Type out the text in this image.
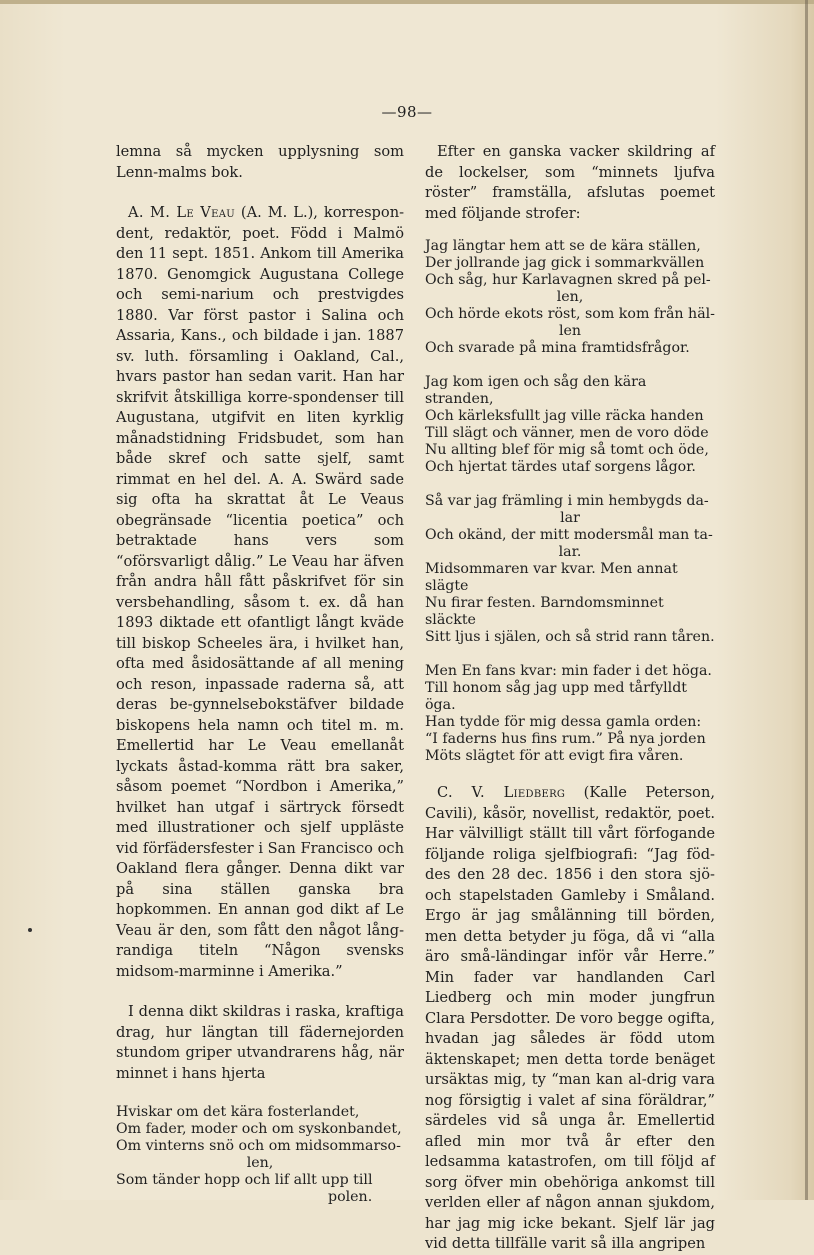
—98—

lemna så mycken upplysning som Lenn-malms bok.

A. M. Le Veau (A. M. L.), korrespon-dent, redaktör, poet. Född i Malmö den 11 sept. 1851. Ankom till Amerika 1870. Genomgick Augustana College och semi-narium och prestvigdes 1880. Var först pastor i Salina och Assaria, Kans., och bildade i jan. 1887 sv. luth. församling i Oakland, Cal., hvars pastor han sedan varit. Han har skrifvit åtskilliga korre-spondenser till Augustana, utgifvit en liten kyrklig månadstidning Fridsbudet, som han både skref och satte sjelf, samt rimmat en hel del. A. A. Swärd sade sig ofta ha skrattat åt Le Veaus obegränsade “licentia poetica” och betraktade hans vers som “oförsvarligt dålig.” Le Veau har äfven från andra håll fått påskrifvet för sin versbehandling, såsom t. ex. då han 1893 diktade ett ofantligt långt kväde till biskop Scheeles ära, i hvilket han, ofta med åsidosättande af all mening och reson, inpassade raderna så, att deras be-gynnelsebokstäfver bildade biskopens hela namn och titel m. m. Emellertid har Le Veau emellanåt lyckats åstad-komma rätt bra saker, såsom poemet “Nordbon i Amerika,” hvilket han utgaf i särtryck försedt med illustrationer och sjelf uppläste vid förfädersfester i San Francisco och Oakland flera gånger. Denna dikt var på sina ställen ganska bra hopkommen. En annan god dikt af Le Veau är den, som fått den något lång-randiga titeln “Någon svensks midsom-marminne i Amerika.”

I denna dikt skildras i raska, kraftiga drag, hur längtan till fädernejorden stundom griper utvandrarens håg, när minnet i hans hjerta

Hviskar om det kära fosterlandet,
Om fader, moder och om syskonbandet,
Om vinterns snö och om midsommarso-
len,
Som tänder hopp och lif allt upp till
polen.

Efter en ganska vacker skildring af de lockelser, som “minnets ljufva röster” framställa, afslutas poemet med följande strofer:

Jag längtar hem att se de kära ställen,
Der jollrande jag gick i sommarkvällen
Och såg, hur Karlavagnen skred på pel-
len,
Och hörde ekots röst, som kom från häl-
len
Och svarade på mina framtidsfrågor.
Jag kom igen och såg den kära stranden,
Och kärleksfullt jag ville räcka handen
Till slägt och vänner, men de voro döde
Nu allting blef för mig så tomt och öde,
Och hjertat tärdes utaf sorgens lågor.
Så var jag främling i min hembygds da-
lar
Och okänd, der mitt modersmål man ta-
lar.
Midsommaren var kvar. Men annat slägte
Nu firar festen. Barndomsminnet släckte
Sitt ljus i själen, och så strid rann tåren.
Men En fans kvar: min fader i det höga.
Till honom såg jag upp med tårfylldt öga.
Han tydde för mig dessa gamla orden:
“I faderns hus fins rum.” På nya jorden
Möts slägtet för att evigt fira våren.

C. V. Liedberg (Kalle Peterson, Cavili), kåsör, novellist, redaktör, poet. Har välvilligt ställt till vårt förfogande följande roliga sjelfbiografi: “Jag föd-des den 28 dec. 1856 i den stora sjö- och stapelstaden Gamleby i Småland. Ergo är jag smålänning till börden, men detta betyder ju föga, då vi “alla äro små-ländingar inför vår Herre.” Min fader var handlanden Carl Liedberg och min moder jungfrun Clara Persdotter. De voro begge ogifta, hvadan jag således är född utom äktenskapet; men detta torde benäget ursäktas mig, ty “man kan al-drig vara nog försigtig i valet af sina föräldrar,” särdeles vid så unga år. Emellertid afled min mor två år efter den ledsamma katastrofen, om till följd af sorg öfver min obehöriga ankomst till verlden eller af någon annan sjukdom, har jag mig icke bekant. Sjelf lär jag vid detta tillfälle varit så illa angripen
